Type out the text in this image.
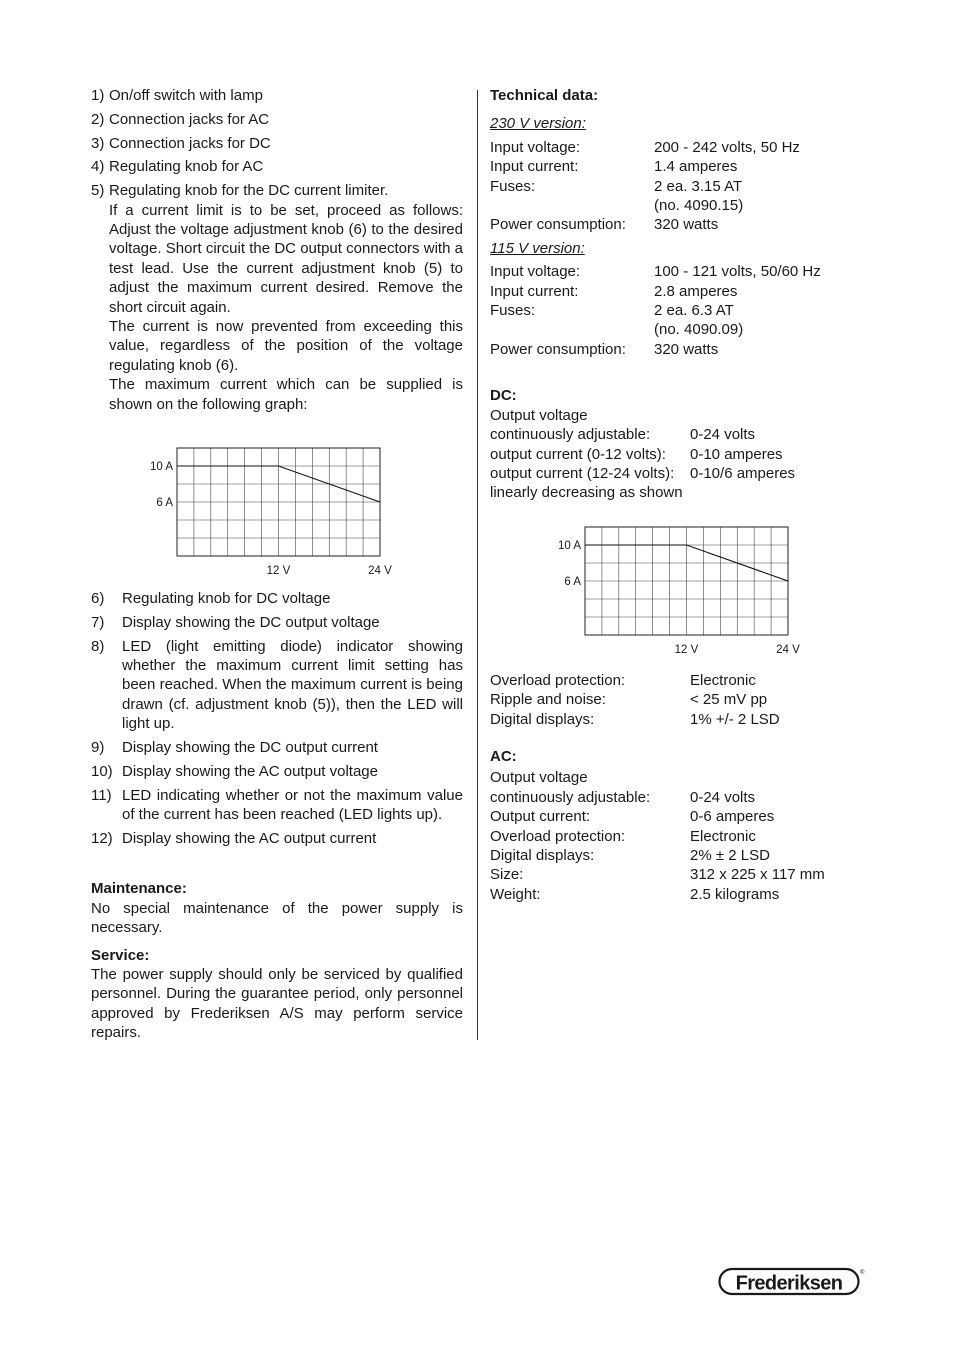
1) On/off switch with lamp
2) Connection jacks for AC
3) Connection jacks for DC
4) Regulating knob for AC
5) Regulating knob for the DC current limiter.

If a current limit is to be set, proceed as follows: Adjust the voltage adjustment knob (6) to the desired voltage. Short circuit the DC output connectors with a test lead. Use the current adjustment knob (5) to adjust the maximum current desired. Remove the short circuit again.

The current is now prevented from exceeding this value, regardless of the position of the voltage regulating knob (6).

The maximum current which can be supplied is shown on the following graph:

10 A
6 A
12 V	24 V
6)	Regulating knob for DC voltage
7)	Display showing the DC output voltage
8)	LED (light emitting diode) indicator showing whether the maximum current limit setting has been reached. When the maximum current is being drawn (cf. adjustment knob (5)), then the LED will light up.
9)	Display showing the DC output current
10) Display showing the AC output voltage
11) LED indicating whether or not the maximum value of the current has been reached (LED lights up).
12) Display showing the AC output current

Maintenance:

No special maintenance of the power supply is necessary.

Service:

The power supply should only be serviced by qualified personnel. During the guarantee period, only personnel approved by Frederiksen A/S may perform service repairs.

Technical data:

230 V version:

Input voltage:	200 - 242 volts, 50 Hz
Input current:	1.4 amperes
Fuses:	2 ea. 3.15 AT
(no. 4090.15)
Power consumption:	320 watts

115 V version:

Input voltage:	100 - 121 volts, 50/60 Hz
Input current:	2.8 amperes
Fuses:	2 ea. 6.3 AT
(no. 4090.09)
Power consumption:	320 watts

DC:

Output voltage

continuously adjustable:	0-24 volts
output current (0-12 volts):	0-10 amperes
output current (12-24 volts):	0-10/6 amperes

linearly decreasing as shown

10 A
6 A
12 V	24 V
Overload protection:	Electronic
Ripple and noise:	< 25 mV pp
Digital displays:	1% +/- 2 LSD

AC:

Output voltage

continuously adjustable:	0-24 volts
Output current:	0-6 amperes
Overload protection:	Electronic
Digital displays:	2% ± 2 LSD
Size:	312 x 225 x 117 mm
Weight:	2.5 kilograms
Frederiksen	®
